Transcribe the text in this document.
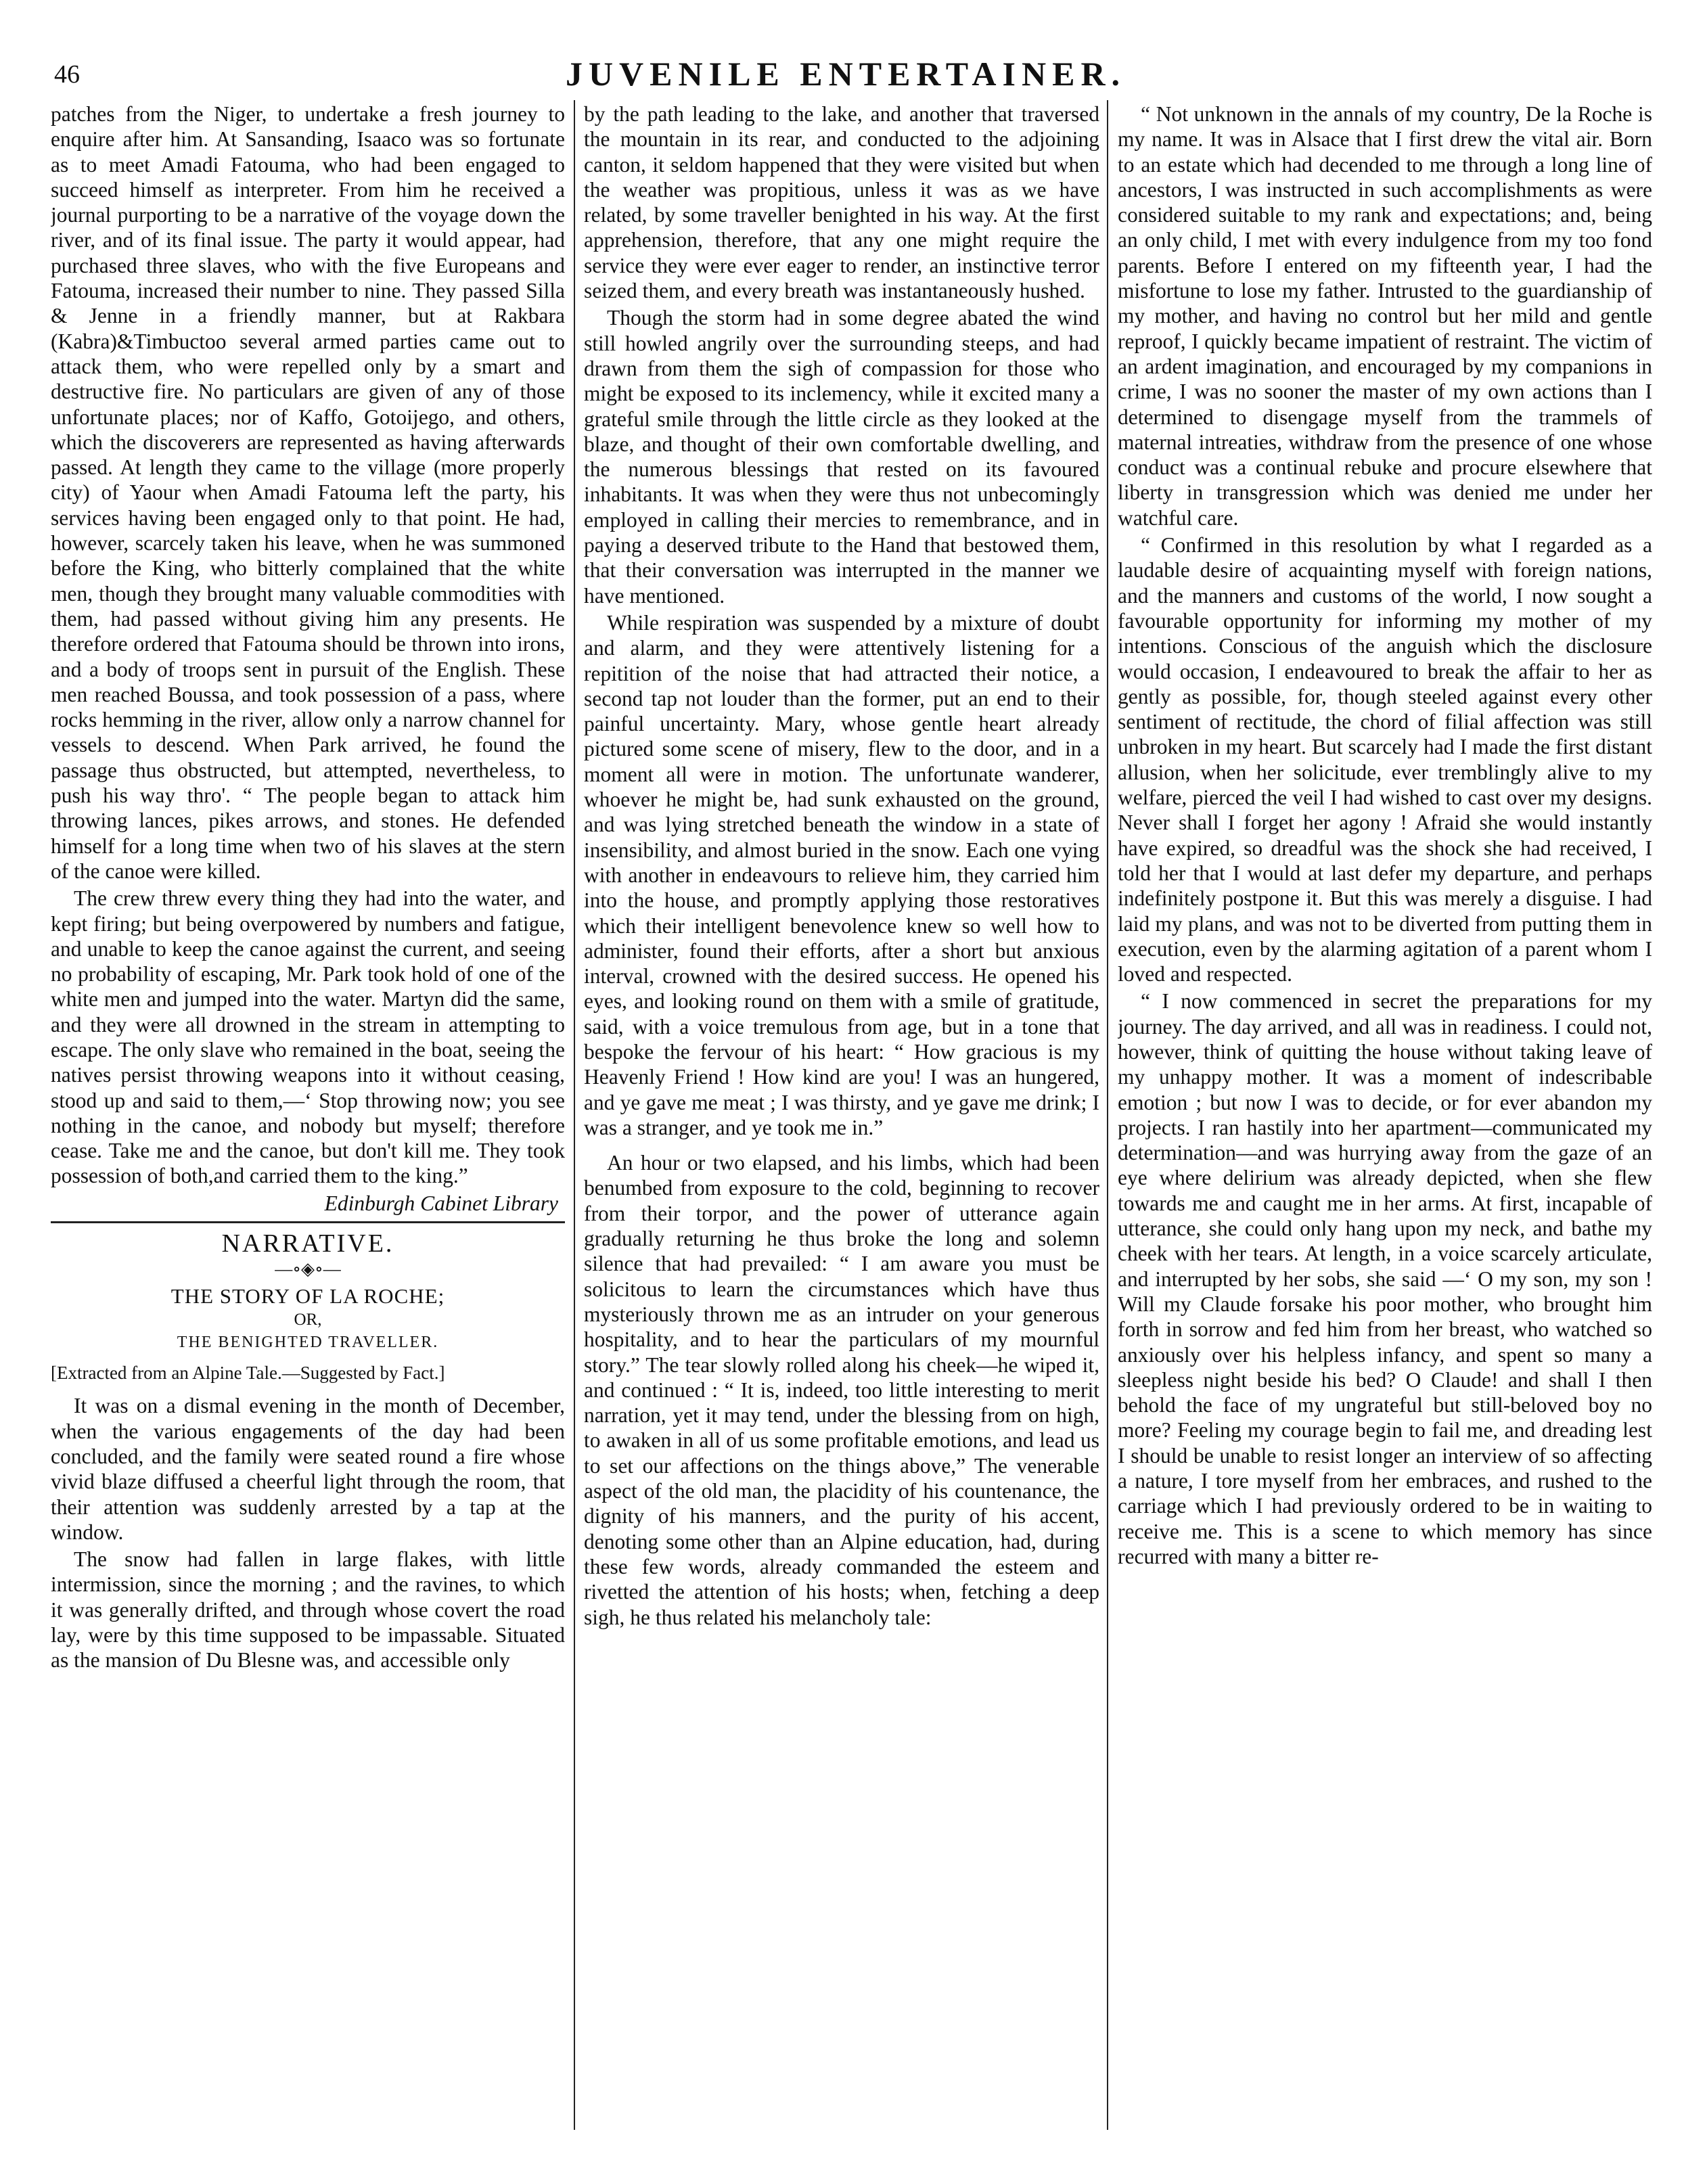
46	JUVENILE ENTERTAINER.

patches from the Niger, to undertake a fresh journey to enquire after him. At Sansanding, Isaaco was so fortunate as to meet Amadi Fatouma, who had been engaged to succeed himself as interpreter. From him he received a journal purporting to be a narrative of the voyage down the river, and of its final issue. The party it would appear, had purchased three slaves, who with the five Europeans and Fatouma, increased their number to nine. They passed Silla & Jenne in a friendly manner, but at Rakbara (Kabra)&Timbuctoo several armed parties came out to attack them, who were repelled only by a smart and destructive fire. No particulars are given of any of those unfortunate places; nor of Kaffo, Gotoijego, and others, which the discoverers are represented as having afterwards passed. At length they came to the village (more properly city) of Yaour when Amadi Fatouma left the party, his services having been engaged only to that point. He had, however, scarcely taken his leave, when he was summoned before the King, who bitterly complained that the white men, though they brought many valuable commodities with them, had passed without giving him any presents. He therefore ordered that Fatouma should be thrown into irons, and a body of troops sent in pursuit of the English. These men reached Boussa, and took possession of a pass, where rocks hemming in the river, allow only a narrow channel for vessels to descend. When Park arrived, he found the passage thus obstructed, but attempted, nevertheless, to push his way thro'. “ The people began to attack him throwing lances, pikes arrows, and stones. He defended himself for a long time when two of his slaves at the stern of the canoe were killed.

The crew threw every thing they had into the water, and kept firing; but being overpowered by numbers and fatigue, and unable to keep the canoe against the current, and seeing no probability of escaping, Mr. Park took hold of one of the white men and jumped into the water. Martyn did the same, and they were all drowned in the stream in attempting to escape. The only slave who remained in the boat, seeing the natives persist throwing weapons into it without ceasing, stood up and said to them,—‘ Stop throwing now; you see nothing in the canoe, and nobody but myself; therefore cease. Take me and the canoe, but don't kill me. They took possession of both,and carried them to the king.”

Edinburgh Cabinet Library

NARRATIVE.
—∘◈∘—
THE STORY OF LA ROCHE;
OR,
THE BENIGHTED TRAVELLER.
[Extracted from an Alpine Tale.—Suggested by Fact.]

It was on a dismal evening in the month of December, when the various engagements of the day had been concluded, and the family were seated round a fire whose vivid blaze diffused a cheerful light through the room, that their attention was suddenly arrested by a tap at the window.

The snow had fallen in large flakes, with little intermission, since the morning ; and the ravines, to which it was generally drifted, and through whose covert the road lay, were by this time supposed to be impassable. Situated as the mansion of Du Blesne was, and accessible only

by the path leading to the lake, and another that traversed the mountain in its rear, and conducted to the adjoining canton, it seldom happened that they were visited but when the weather was propitious, unless it was as we have related, by some traveller benighted in his way. At the first apprehension, therefore, that any one might require the service they were ever eager to render, an instinctive terror seized them, and every breath was instantaneously hushed.

Though the storm had in some degree abated the wind still howled angrily over the surrounding steeps, and had drawn from them the sigh of compassion for those who might be exposed to its inclemency, while it excited many a grateful smile through the little circle as they looked at the blaze, and thought of their own comfortable dwelling, and the numerous blessings that rested on its favoured inhabitants. It was when they were thus not unbecomingly employed in calling their mercies to remembrance, and in paying a deserved tribute to the Hand that bestowed them, that their conversation was interrupted in the manner we have mentioned.

While respiration was suspended by a mixture of doubt and alarm, and they were attentively listening for a repitition of the noise that had attracted their notice, a second tap not louder than the former, put an end to their painful uncertainty. Mary, whose gentle heart already pictured some scene of misery, flew to the door, and in a moment all were in motion. The unfortunate wanderer, whoever he might be, had sunk exhausted on the ground, and was lying stretched beneath the window in a state of insensibility, and almost buried in the snow. Each one vying with another in endeavours to relieve him, they carried him into the house, and promptly applying those restoratives which their intelligent benevolence knew so well how to administer, found their efforts, after a short but anxious interval, crowned with the desired success. He opened his eyes, and looking round on them with a smile of gratitude, said, with a voice tremulous from age, but in a tone that bespoke the fervour of his heart: “ How gracious is my Heavenly Friend ! How kind are you! I was an hungered, and ye gave me meat ; I was thirsty, and ye gave me drink; I was a stranger, and ye took me in.”

An hour or two elapsed, and his limbs, which had been benumbed from exposure to the cold, beginning to recover from their torpor, and the power of utterance again gradually returning he thus broke the long and solemn silence that had prevailed: “ I am aware you must be solicitous to learn the circumstances which have thus mysteriously thrown me as an intruder on your generous hospitality, and to hear the particulars of my mournful story.” The tear slowly rolled along his cheek—he wiped it, and continued : “ It is, indeed, too little interesting to merit narration, yet it may tend, under the blessing from on high, to awaken in all of us some profitable emotions, and lead us to set our affections on the things above,” The venerable aspect of the old man, the placidity of his countenance, the dignity of his manners, and the purity of his accent, denoting some other than an Alpine education, had, during these few words, already commanded the esteem and rivetted the attention of his hosts; when, fetching a deep sigh, he thus related his melancholy tale:

“ Not unknown in the annals of my country, De la Roche is my name. It was in Alsace that I first drew the vital air. Born to an estate which had decended to me through a long line of ancestors, I was instructed in such accomplishments as were considered suitable to my rank and expectations; and, being an only child, I met with every indulgence from my too fond parents. Before I entered on my fifteenth year, I had the misfortune to lose my father. Intrusted to the guardianship of my mother, and having no control but her mild and gentle reproof, I quickly became impatient of restraint. The victim of an ardent imagination, and encouraged by my companions in crime, I was no sooner the master of my own actions than I determined to disengage myself from the trammels of maternal intreaties, withdraw from the presence of one whose conduct was a continual rebuke and procure elsewhere that liberty in transgression which was denied me under her watchful care.

“ Confirmed in this resolution by what I regarded as a laudable desire of acquainting myself with foreign nations, and the manners and customs of the world, I now sought a favourable opportunity for informing my mother of my intentions. Conscious of the anguish which the disclosure would occasion, I endeavoured to break the affair to her as gently as possible, for, though steeled against every other sentiment of rectitude, the chord of filial affection was still unbroken in my heart. But scarcely had I made the first distant allusion, when her solicitude, ever tremblingly alive to my welfare, pierced the veil I had wished to cast over my designs. Never shall I forget her agony ! Afraid she would instantly have expired, so dreadful was the shock she had received, I told her that I would at last defer my departure, and perhaps indefinitely postpone it. But this was merely a disguise. I had laid my plans, and was not to be diverted from putting them in execution, even by the alarming agitation of a parent whom I loved and respected.

“ I now commenced in secret the preparations for my journey. The day arrived, and all was in readiness. I could not, however, think of quitting the house without taking leave of my unhappy mother. It was a moment of indescribable emotion ; but now I was to decide, or for ever abandon my projects. I ran hastily into her apartment—communicated my determination—and was hurrying away from the gaze of an eye where delirium was already depicted, when she flew towards me and caught me in her arms. At first, incapable of utterance, she could only hang upon my neck, and bathe my cheek with her tears. At length, in a voice scarcely articulate, and interrupted by her sobs, she said —‘ O my son, my son ! Will my Claude forsake his poor mother, who brought him forth in sorrow and fed him from her breast, who watched so anxiously over his helpless infancy, and spent so many a sleepless night beside his bed? O Claude! and shall I then behold the face of my ungrateful but still-beloved boy no more? Feeling my courage begin to fail me, and dreading lest I should be unable to resist longer an interview of so affecting a nature, I tore myself from her embraces, and rushed to the carriage which I had previously ordered to be in waiting to receive me. This is a scene to which memory has since recurred with many a bitter re-
